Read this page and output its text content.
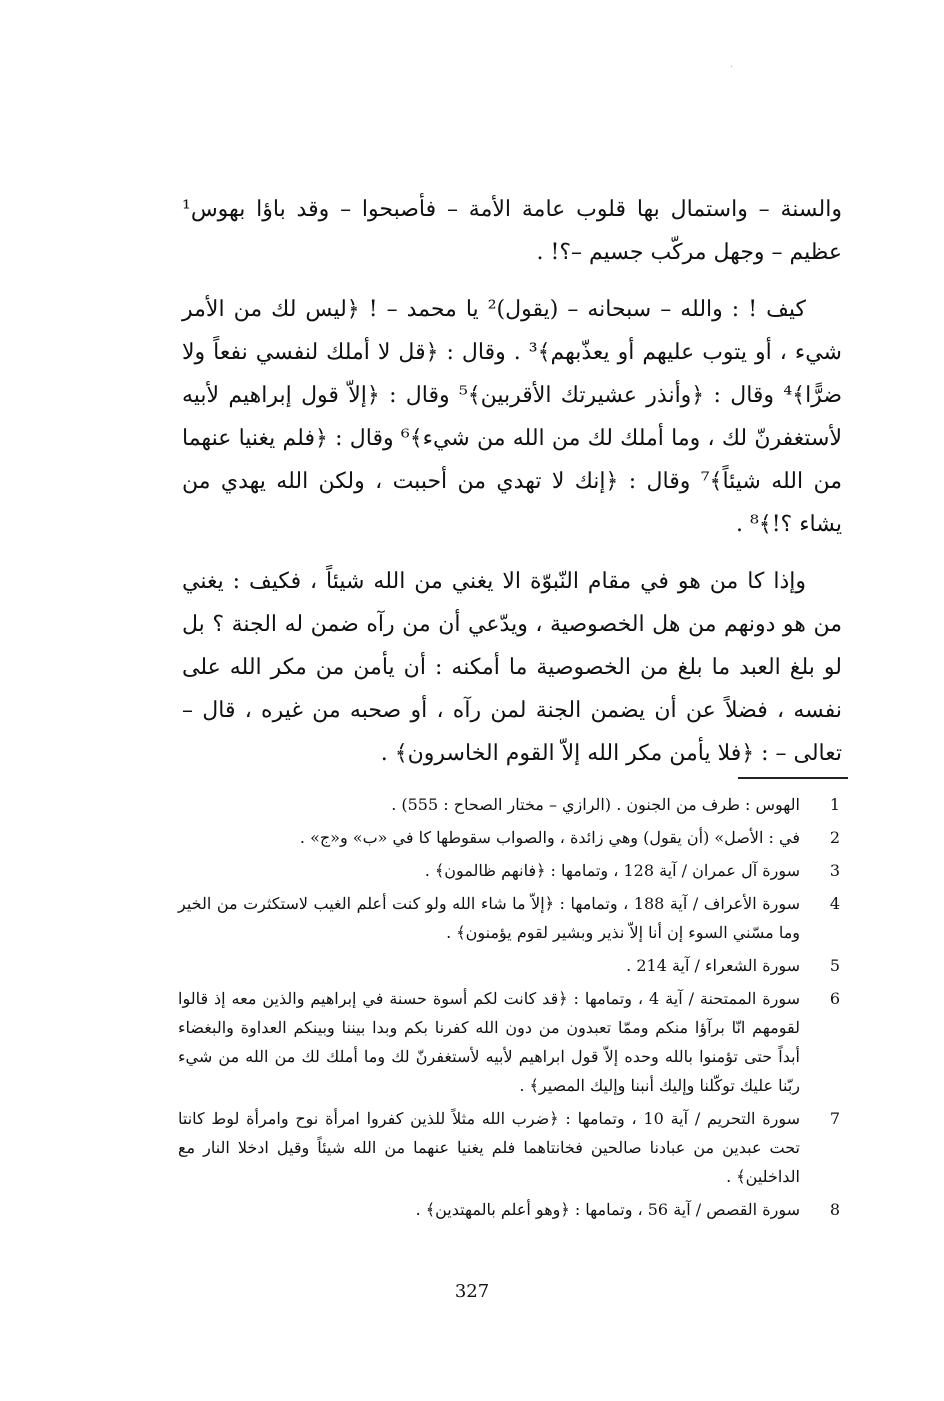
·

والسنة – واستمال بها قلوب عامة الأمة – فأصبحوا – وقد باؤا بهوس¹ عظيم – وجهل مركّب جسيم –؟! .

كيف ! : والله – سبحانه – (يقول)² يا محمد – ! ﴿ليس لك من الأمر شيء ، أو يتوب عليهم أو يعذّبهم﴾³ . وقال : ﴿قل لا أملك لنفسي نفعاً ولا ضرًّا﴾⁴ وقال : ﴿وأنذر عشيرتك الأقربين﴾⁵ وقال : ﴿إلاّ قول إبراهيم لأبيه لأستغفرنّ لك ، وما أملك لك من الله من شيء﴾⁶ وقال : ﴿فلم يغنيا عنهما من الله شيئاً﴾⁷ وقال : ﴿إنك لا تهدي من أحببت ، ولكن الله يهدي من يشاء ؟!﴾⁸ .

وإذا كا من هو في مقام النّبوّة الا يغني من الله شيئاً ، فكيف : يغني من هو دونهم من هل الخصوصية ، ويدّعي أن من رآه ضمن له الجنة ؟ بل لو بلغ العبد ما بلغ من الخصوصية ما أمكنه : أن يأمن من مكر الله على نفسه ، فضلاً عن أن يضمن الجنة لمن رآه ، أو صحبه من غيره ، قال – تعالى – : ﴿فلا يأمن مكر الله إلاّ القوم الخاسرون﴾ .

1
الهوس : طرف من الجنون . (الرازي – مختار الصحاح : 555) .
2
في : الأصل» (أن يقول) وهي زائدة ، والصواب سقوطها كا في «ب» و«ج» .
3
سورة آل عمران / آية 128 ، وتمامها : ﴿فانهم ظالمون﴾ .
4
سورة الأعراف / آية 188 ، وتمامها : ﴿إلاّ ما شاء الله ولو كنت أعلم الغيب لاستكثرت من الخير وما مسّني السوء إن أنا إلاّ نذير وبشير لقوم يؤمنون﴾ .
5
سورة الشعراء / آية 214 .
6
سورة الممتحنة / آية 4 ، وتمامها : ﴿قد كانت لكم أسوة حسنة في إبراهيم والذين معه إذ قالوا لقومهم انّا برآؤا منكم وممّا تعبدون من دون الله كفرنا بكم وبدا بيننا وبينكم العداوة والبغضاء أبداً حتى تؤمنوا بالله وحده إلاّ قول ابراهيم لأبيه لأستغفرنّ لك وما أملك لك من الله من شيء ربّنا عليك توكّلنا وإليك أنبنا وإليك المصير﴾ .
7
سورة التحريم / آية 10 ، وتمامها : ﴿ضرب الله مثلاً للذين كفروا امرأة نوح وامرأة لوط كانتا تحت عبدين من عبادنا صالحين فخانتاهما فلم يغنيا عنهما من الله شيئاً وقيل ادخلا النار مع الداخلين﴾ .
8
سورة القصص / آية 56 ، وتمامها : ﴿وهو أعلم بالمهتدين﴾ .
327
